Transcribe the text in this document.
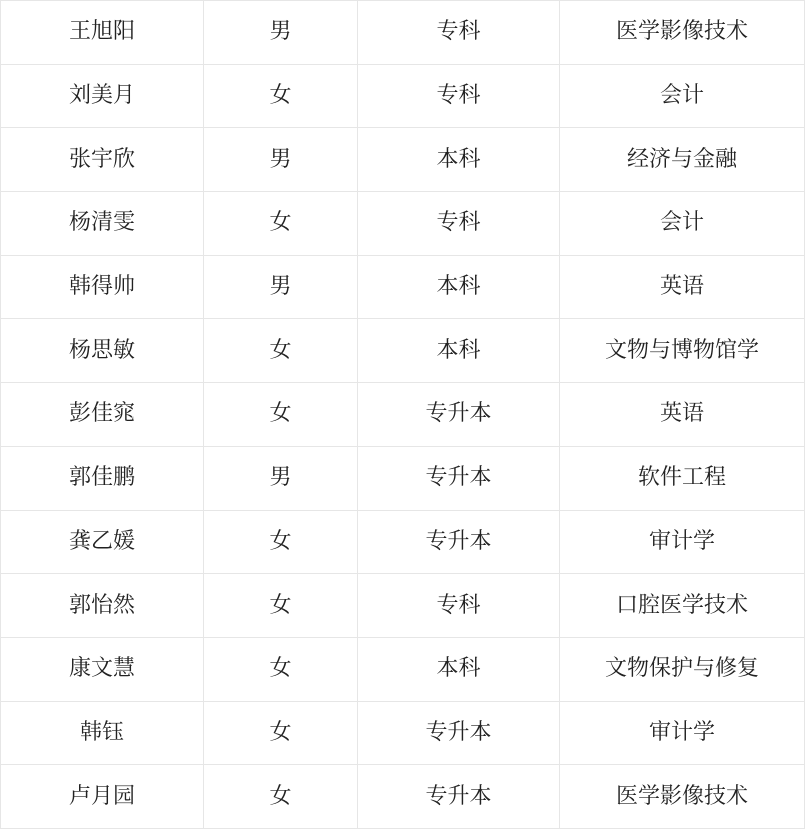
王旭阳	男	专科	医学影像技术
刘美月	女	专科	会计
张宇欣	男	本科	经济与金融
杨清雯	女	专科	会计
韩得帅	男	本科	英语
杨思敏	女	本科	文物与博物馆学
彭佳窕	女	专升本	英语
郭佳鹏	男	专升本	软件工程
龚乙媛	女	专升本	审计学
郭怡然	女	专科	口腔医学技术
康文慧	女	本科	文物保护与修复
韩钰	女	专升本	审计学
卢月园	女	专升本	医学影像技术
